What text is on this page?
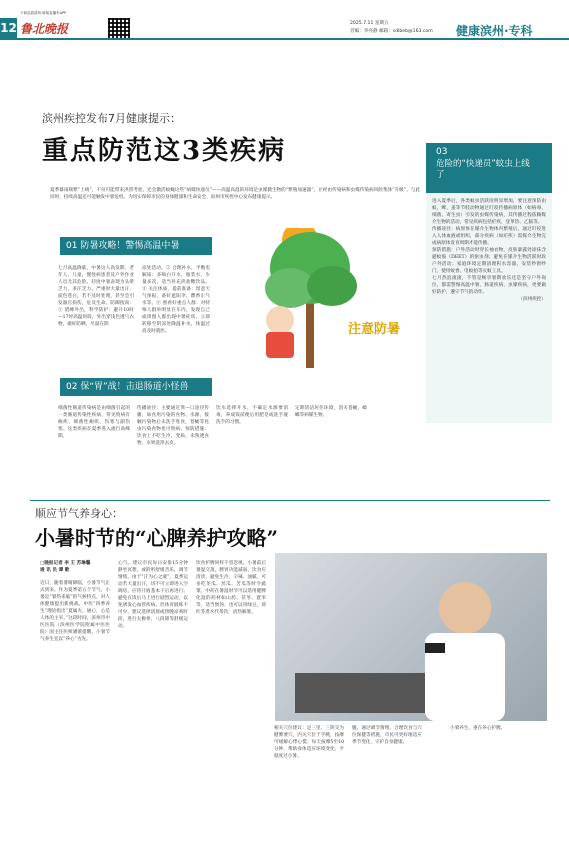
12 鲁北晚报
下载品质滨州·新闻直播车APP
2025.7.11 星期五
首编：李亮静 邮箱：sdlbeb@163.com 健康滨州·专科
滨州疾控发布7月健康提示：
重点防范这3类疾病
夏季暴雨频繁“上线”，不仅可能带来洪涝考验，还会激活蚊蝇这些“病媒快递员”——高温高湿的环境是虫媒微生物的“繁殖加速器”，让经由传染病和虫媒传染病风险集体“升级”。与此同时，持续高温还可能触发中暑危机。为切实保障市民的身体健康和生命安全，滨州市疾控中心发布健康提示。
03
危险的“快递员”蚊虫上线了
进入夏季后，各类蚊虫活跃度明显增加，要注意预防由蚊、蜱、蚤等节肢动物通过叮咬传播病原体（如病毒、细菌、寄生虫）引发的虫媒传染病，其传播过程依赖媒介生物的活动，常见疾病包括疟疾、登革热、乙脑等。
传播途径：病原体在媒介生物体内繁殖后，通过叮咬进入人体血液或组织，部分疾病（如疟疾）需媒介生物完成病原体发育周期才能传播。
预防措施：户外活动时穿长袖衣物，皮肤暴露处涂抹含避蚊胺（DEET）的驱虫剂；避免在媒介生物活跃时段户外活动；家庭环境定期清理积水容器，安装纱窗纱门，使用蚊香、电蚊拍等灭蚊工具。
七月热浪滚滚，不管是畅享暑期欢乐还是坚守户外岗位，都需警惕高温中暑、肠道疾病、虫媒疾病，更要做好防护，遵守节气的动作。
（滨州疾控）
01 防暑攻略！警惕高温中暑
七月高温降临，中暑这人高发期，老年人、儿童、慢性病患者及户外作业人员尤其危险。轻度中暑表现为头晕乏力、多汗乏力、严重时大量出汗、面色苍白，若不及时处理，甚至会引发器官损伤，危及生命。防御指南：① 错峰外出，科学防护：避开10时—17时高温时段，外出穿浅色透气衣物，做好防晒，尽量在阴
凉处活动。② 合理补水，平衡电解质：多喝白开水，瓶装水、少量多次，适当补充淡盐糖饮品。③ 关注体质，提前准备：留意天气预报，备好遮阳伞、藿香正气水等。④ 照看好重点人群：对特殊人群举明显在车内，发现自己或周围人群出现中暑症状，立即转移至阴凉处降温补水，体温过高及时就医。	注意防暑
02 保“胃”战！击退肠道小怪兽
细菌性肠道传染病是由细菌引起的一类肠道传染性疾病，常见致病有痢疾、细菌性痢疾、伤寒与副伤寒。这类疾病在夏季进入流行高峰期。
传播途径：主要通过粪—口途径传播，如食用污染的食物、水源，接触污染物后未洗手进食，苍蝇等昆虫污染食物也可致病。预防措施：饮食上不吃生冷，变质、未熟透食物，水果洗净去皮。
饮水选择开水，不确定水源要消毒，养成饭前便后用肥皂或洗手液洗手的习惯。
定期清洁居住环境，消灭苍蝇、蟑螂等病媒生物。
顺应节气养身心：
小暑时节的“心脾养护攻略”
□晚报记者 李 王 苏琳馨
通 讯 员 谭 歌
近日，随着暑晴降临，小暑节气正式到来。作为夏季第五个节气，小暑是“暑热来临”的气候特点，对人体健康提出新挑战。中医“四季养生”理论指出“夏属火，通心，心是人体的主宰。”这段时间，滨州市中医医院（滨州医学院附属中医医院）国主任医师潘蕾提醒，小暑节气养生宜以“养心”为先。
心气。建议市民每日安排15分钟静坐冥想，或聆听舒缓音乐，调节情绪。由于“汗为心之液”，夏季运动若大量出汗，切不可立即进入空调房，应待汗液基本干后再进行。避免在饭后马上进行剧烈运动，以免诱发心血管疾病。但体育锻炼不可少，建议选择清晨或傍晚凉爽时段，进行太极拳、八段锦等舒缓运动。
饮食护脾同样不容忽视。小暑前后暑湿交蒸，脾胃功能减弱，饮食应清淡、避免生冷、辛辣、油腻，可多吃冬瓜、丝瓜、苦瓜等时令蔬菜。中药在暑湿时节可以选用健脾化湿的药材如山药、茯苓、薏米等，适当煲汤；也可以用绿豆、荷叶等煮水代茶饮，清热解暑。
相关穴位建议：足三里、三阴交为健脾要穴，内关穴位于手腕，按摩可缓解心悸心慌；每天按摩5至10分钟，帮助身体适应环境变化，平稳度过小暑。
腹。通过调节情绪，合理饮食与穴位保健等措施，市民可更好地适应季节变化，守护自身健康。
小暑养生，重在养心护脾。
